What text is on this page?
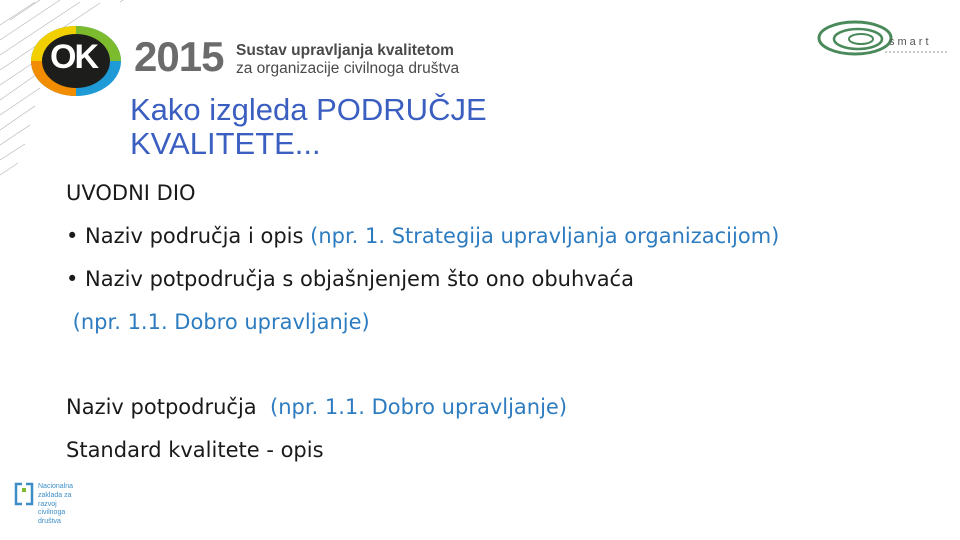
OK 2015 Sustav upravljanja kvalitetom
za organizacije civilnoga društva
smart
Kako izgleda PODRUČJE
KVALITETE...

UVODNI DIO

• Naziv područja i opis (npr. 1. Strategija upravljanja organizacijom)

• Naziv potpodručja s objašnjenjem što ono obuhvaća

(npr. 1.1. Dobro upravljanje)

Naziv potpodručja  (npr. 1.1. Dobro upravljanje)

Standard kvalitete - opis

Nacionalna
zaklada za
razvoj
civilnoga
društva
